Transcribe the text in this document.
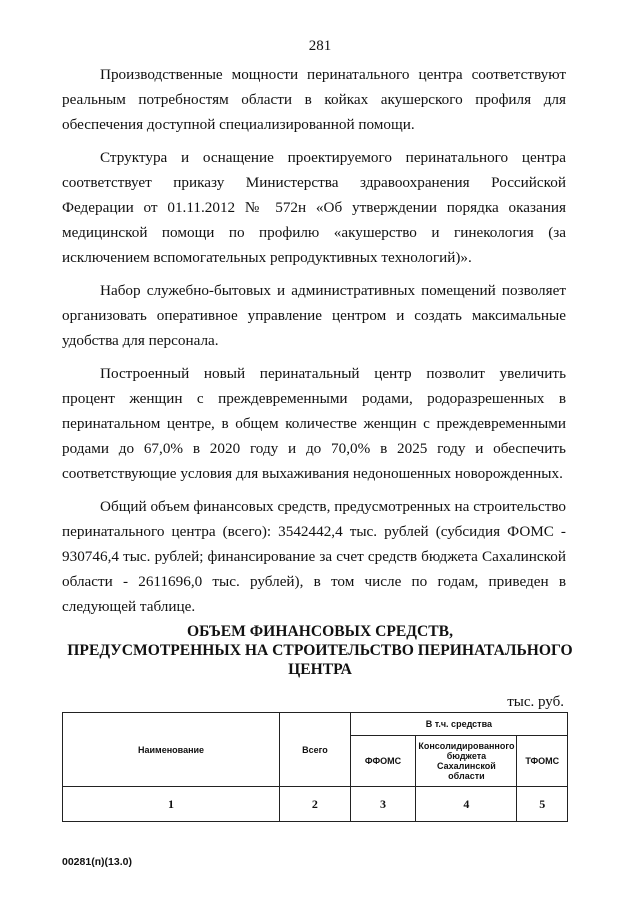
281

Производственные мощности перинатального центра соответствуют реальным потребностям области в койках акушерского профиля для обеспечения доступной специализированной помощи.

Структура и оснащение проектируемого перинатального центра соответствует приказу Министерства здравоохранения Российской Федерации от 01.11.2012 № 572н «Об утверждении порядка оказания медицинской помощи по профилю «акушерство и гинекология (за исключением вспомогательных репродуктивных технологий)».

Набор служебно-бытовых и административных помещений позволяет организовать оперативное управление центром и создать максимальные удобства для персонала.

Построенный новый перинатальный центр позволит увеличить процент женщин с преждевременными родами, родоразрешенных в перинатальном центре, в общем количестве женщин с преждевременными родами до 67,0% в 2020 году и до 70,0% в 2025 году и обеспечить соответствующие условия для выхаживания недоношенных новорожденных.

Общий объем финансовых средств, предусмотренных на строительство перинатального центра (всего): 3542442,4 тыс. рублей (субсидия ФОМС - 930746,4 тыс. рублей; финансирование за счет средств бюджета Сахалинской области - 2611696,0 тыс. рублей), в том числе по годам, приведен в следующей таблице.

ОБЪЕМ ФИНАНСОВЫХ СРЕДСТВ,
ПРЕДУСМОТРЕННЫХ НА СТРОИТЕЛЬСТВО ПЕРИНАТАЛЬНОГО
ЦЕНТРА
тыс. руб.
Наименование	Всего	В т.ч. средства		
		ФФОМС	Консолидированного бюджета Сахалинской области	ТФОМС
1	2	3	4	5
00281(п)(13.0)
